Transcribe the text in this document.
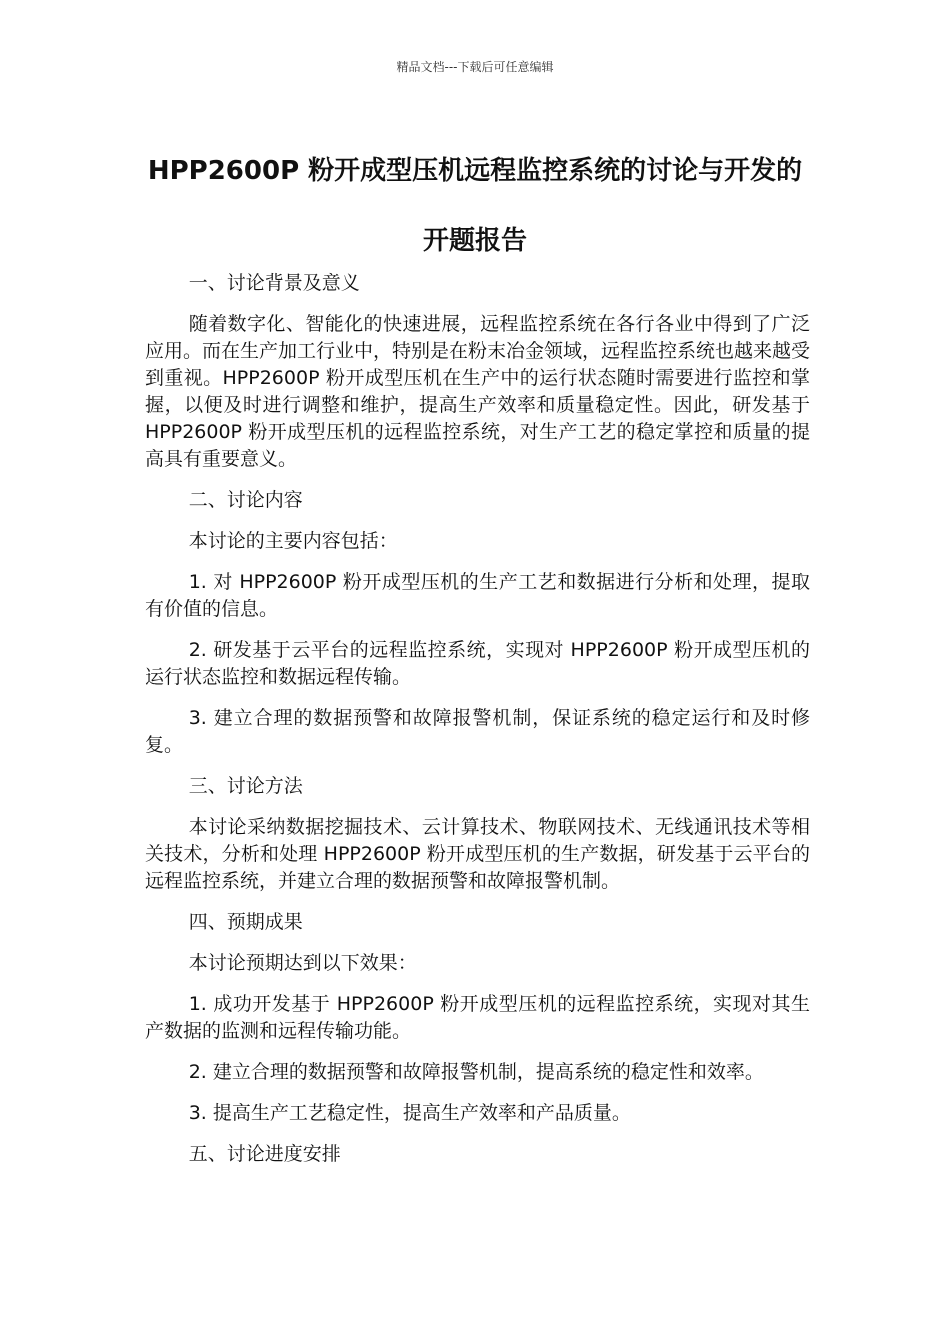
精品文档---下载后可任意编辑
HPP2600P 粉开成型压机远程监控系统的讨论与开发的开题报告

一、讨论背景及意义

随着数字化、智能化的快速进展，远程监控系统在各行各业中得到了广泛应用。而在生产加工行业中，特别是在粉末冶金领域，远程监控系统也越来越受到重视。HPP2600P 粉开成型压机在生产中的运行状态随时需要进行监控和掌握，以便及时进行调整和维护，提高生产效率和质量稳定性。因此，研发基于 HPP2600P 粉开成型压机的远程监控系统，对生产工艺的稳定掌控和质量的提高具有重要意义。

二、讨论内容

本讨论的主要内容包括：

1. 对 HPP2600P 粉开成型压机的生产工艺和数据进行分析和处理，提取有价值的信息。

2. 研发基于云平台的远程监控系统，实现对 HPP2600P 粉开成型压机的运行状态监控和数据远程传输。

3. 建立合理的数据预警和故障报警机制，保证系统的稳定运行和及时修复。

三、讨论方法

本讨论采纳数据挖掘技术、云计算技术、物联网技术、无线通讯技术等相关技术，分析和处理 HPP2600P 粉开成型压机的生产数据，研发基于云平台的远程监控系统，并建立合理的数据预警和故障报警机制。

四、预期成果

本讨论预期达到以下效果：

1. 成功开发基于 HPP2600P 粉开成型压机的远程监控系统，实现对其生产数据的监测和远程传输功能。

2. 建立合理的数据预警和故障报警机制，提高系统的稳定性和效率。

3. 提高生产工艺稳定性，提高生产效率和产品质量。

五、讨论进度安排
